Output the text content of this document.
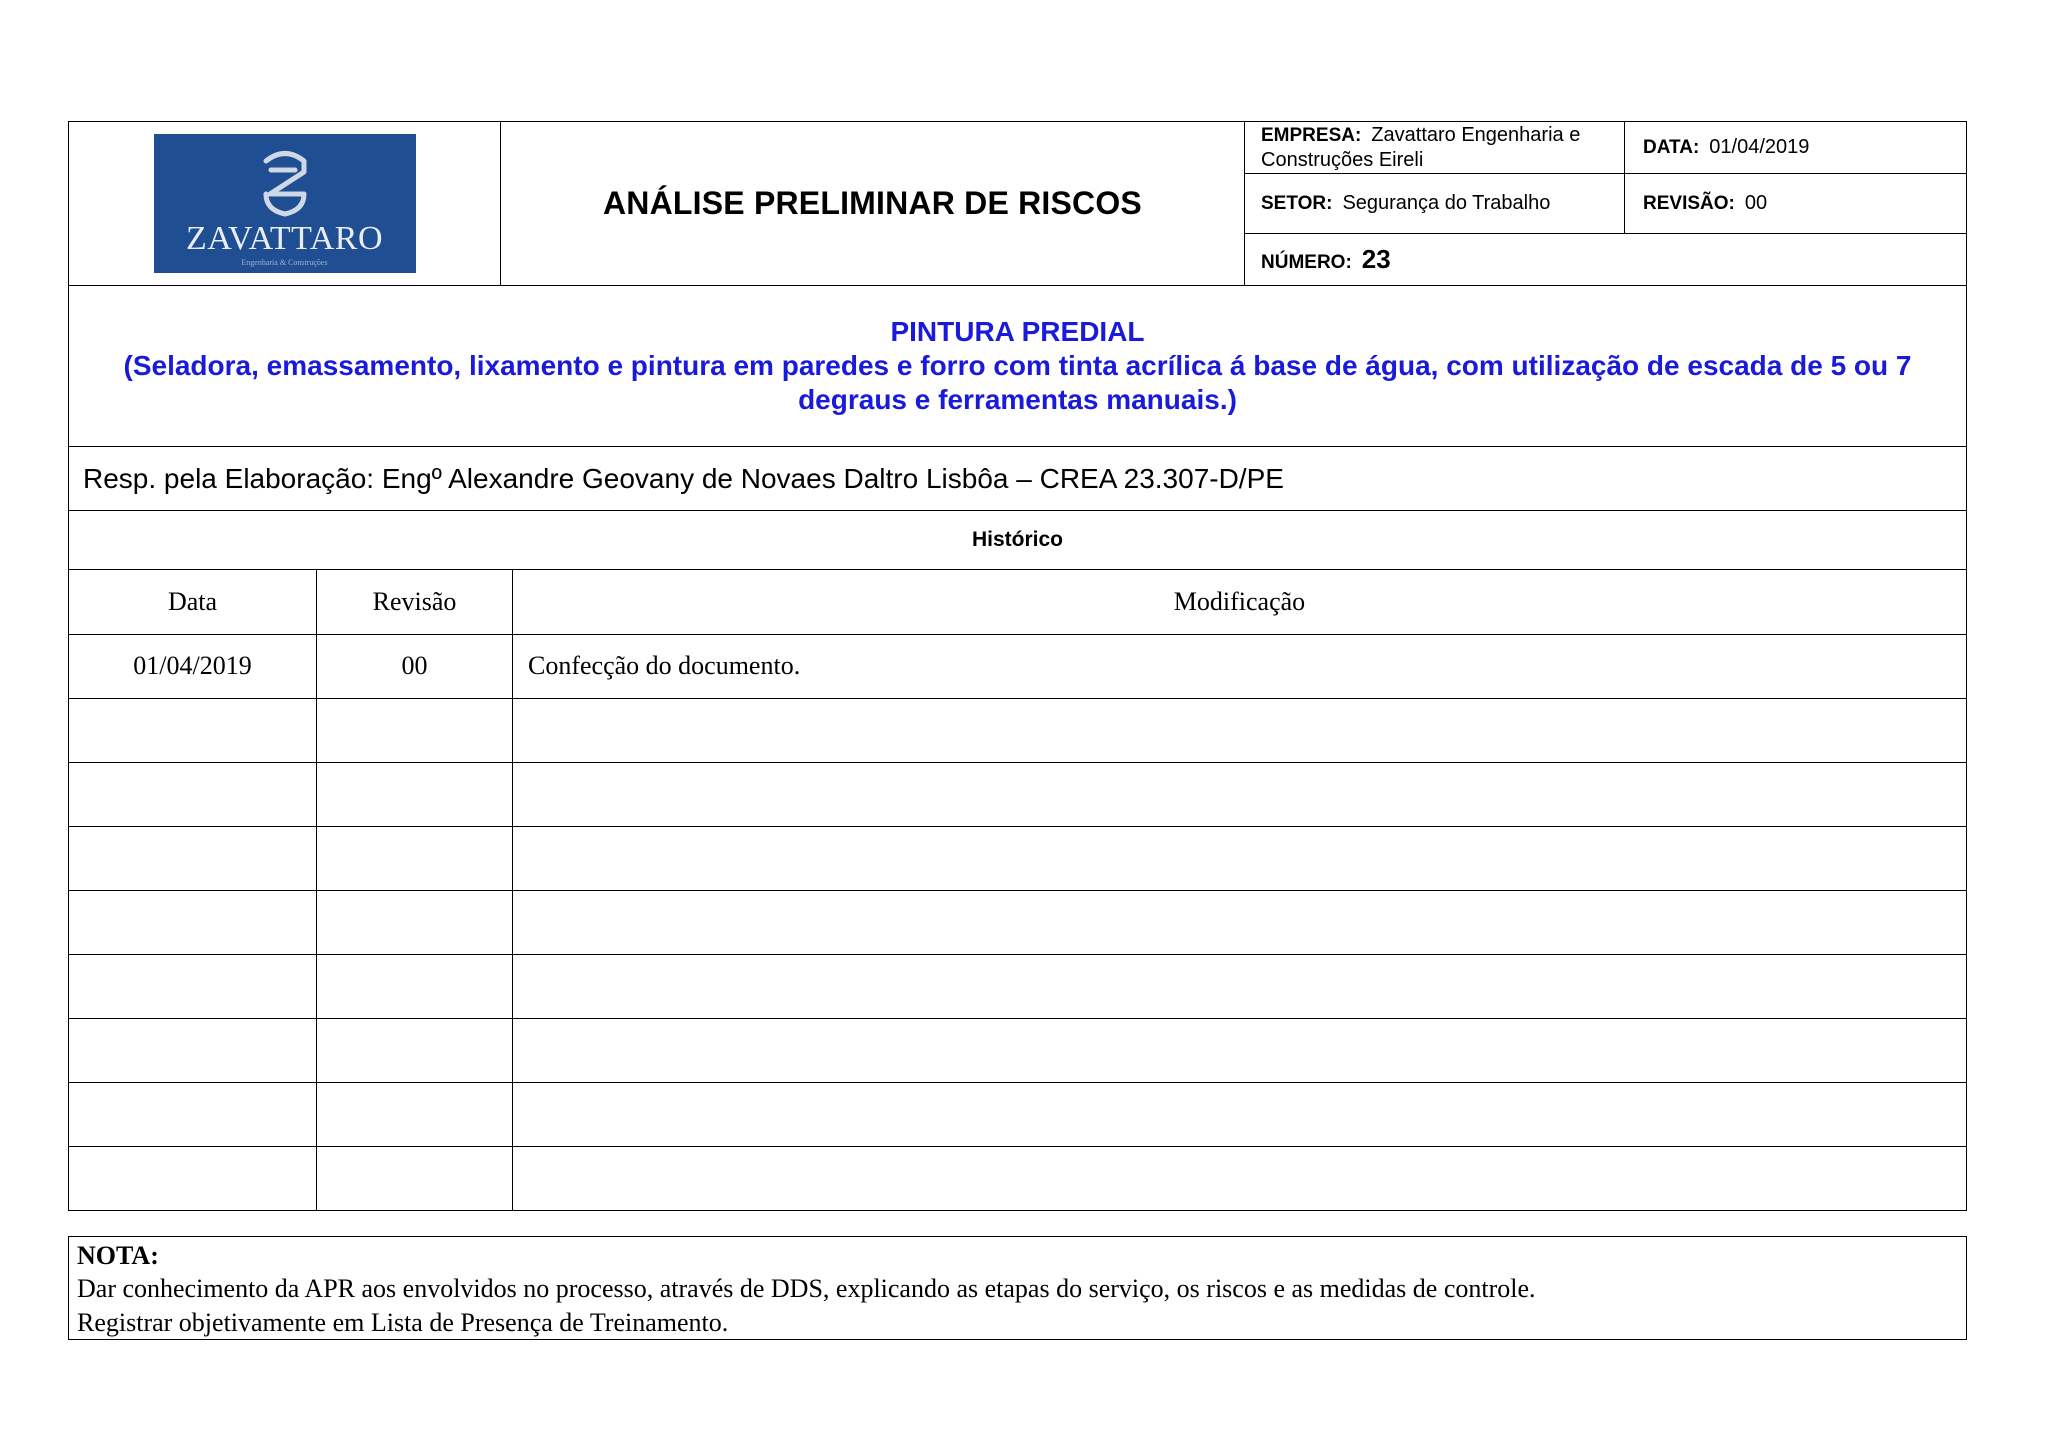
ZAVATTARO
Engenharia & Construções
ANÁLISE PRELIMINAR DE RISCOS
EMPRESA: Zavattaro Engenharia e Construções Eireli
DATA: 01/04/2019
SETOR: Segurança do Trabalho	REVISÃO: 00
NÚMERO: 23
PINTURA PREDIAL
(Seladora, emassamento, lixamento e pintura em paredes e forro com tinta acrílica á base de água, com utilização de escada de 5 ou 7 degraus e ferramentas manuais.)
Resp. pela Elaboração: Engº Alexandre Geovany de Novaes Daltro Lisbôa – CREA 23.307-D/PE
Histórico
Data	Revisão	Modificação
01/04/2019	00	Confecção do documento.

NOTA:
Dar conhecimento da APR aos envolvidos no processo, através de DDS, explicando as etapas do serviço, os riscos e as medidas de controle.
Registrar objetivamente em Lista de Presença de Treinamento.
